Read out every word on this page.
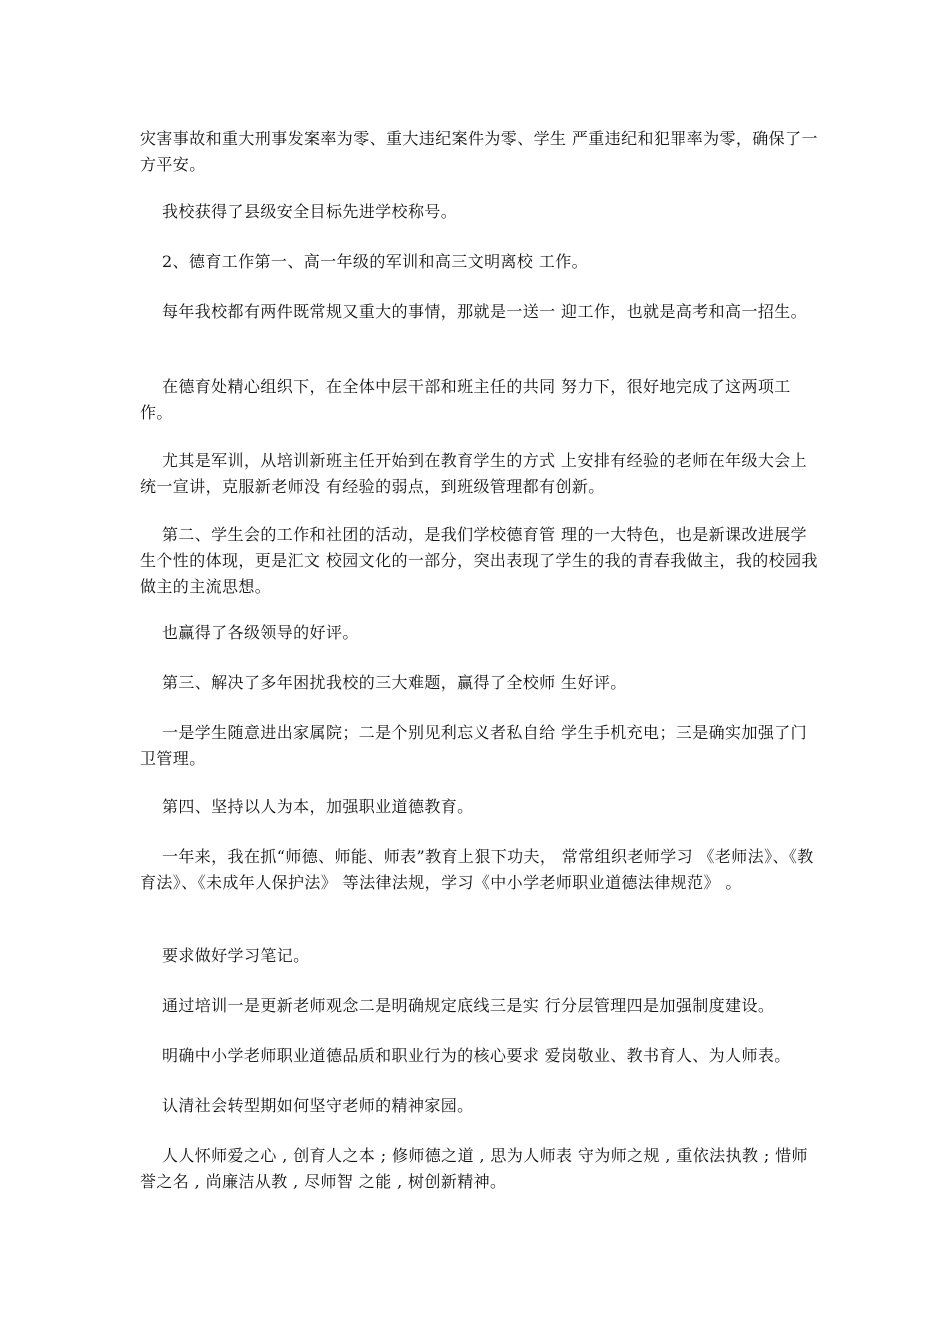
灾害事故和重大刑事发案率为零、重大违纪案件为零、学生 严重违纪和犯罪率为零，确保了一方平安。

我校获得了县级安全目标先进学校称号。

2、德育工作第一、高一年级的军训和高三文明离校 工作。

每年我校都有两件既常规又重大的事情，那就是一送一 迎工作，也就是高考和高一招生。

在德育处精心组织下，在全体中层干部和班主任的共同 努力下，很好地完成了这两项工作。

尤其是军训，从培训新班主任开始到在教育学生的方式 上安排有经验的老师在年级大会上统一宣讲，克服新老师没 有经验的弱点，到班级管理都有创新。

第二、学生会的工作和社团的活动，是我们学校德育管 理的一大特色，也是新课改进展学生个性的体现，更是汇文 校园文化的一部分，突出表现了学生的我的青春我做主，我的校园我做主的主流思想。

也赢得了各级领导的好评。

第三、解决了多年困扰我校的三大难题，赢得了全校师 生好评。

一是学生随意进出家属院；二是个别见利忘义者私自给 学生手机充电；三是确实加强了门卫管理。

第四、坚持以人为本，加强职业道德教育。

一年来，我在抓“师德、师能、师表”教育上狠下功夫， 常常组织老师学习 《老师法》、《教育法》、《未成年人保护法》 等法律法规，学习《中小学老师职业道德法律规范》 。

要求做好学习笔记。

通过培训一是更新老师观念二是明确规定底线三是实 行分层管理四是加强制度建设。

明确中小学老师职业道德品质和职业行为的核心要求 爱岗敬业、教书育人、为人师表。

认清社会转型期如何坚守老师的精神家园。

人人怀师爱之心 , 创育人之本 ; 修师德之道 , 思为人师表 守为师之规 , 重依法执教 ; 惜师誉之名 , 尚廉洁从教 , 尽师智 之能 , 树创新精神。
